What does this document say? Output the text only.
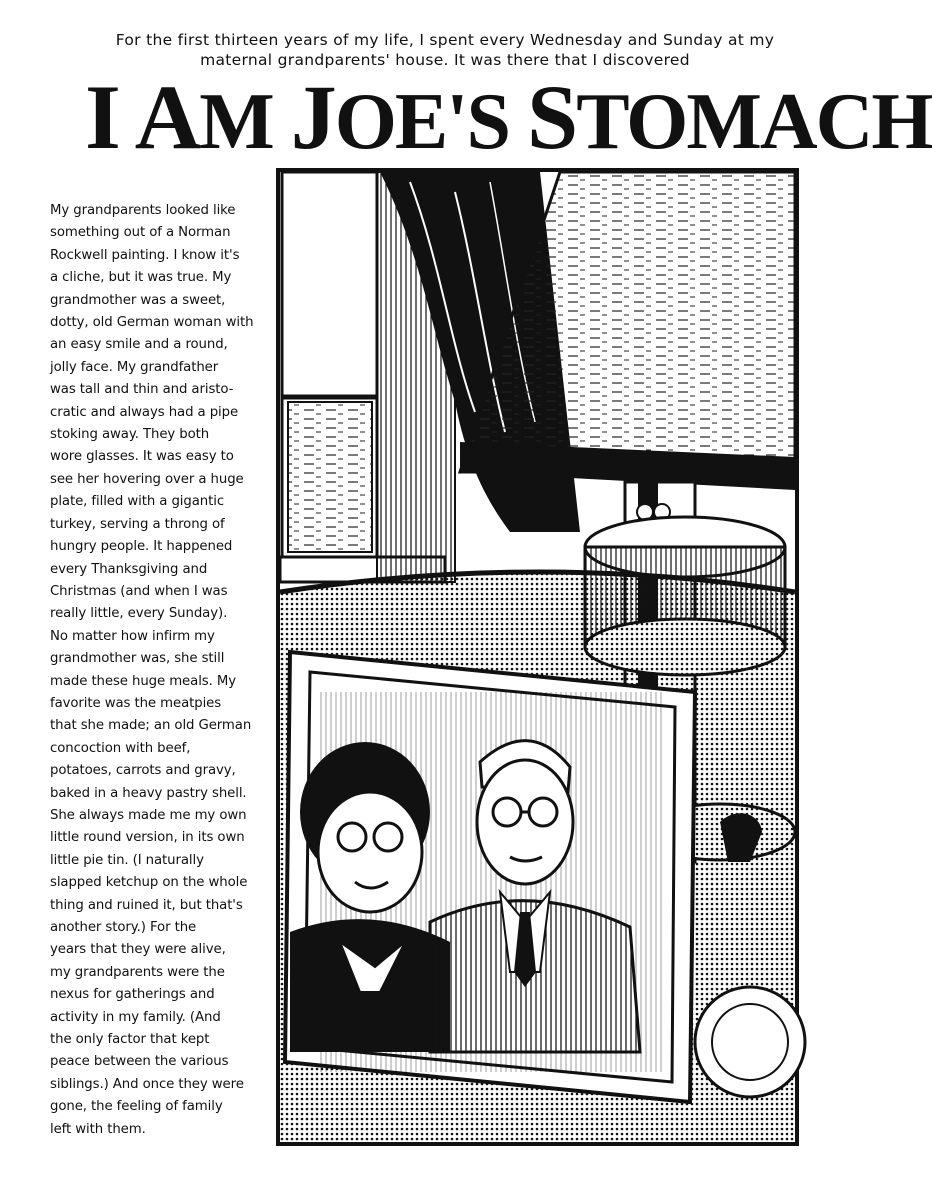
For the first thirteen years of my life, I spent every Wednesday and Sunday at my
maternal grandparents' house. It was there that I discovered
I AM JOE'S STOMACH
My grandparents looked like
something out of a Norman
Rockwell painting. I know it's
a cliche, but it was true. My
grandmother was a sweet,
dotty, old German woman with
an easy smile and a round,
jolly face. My grandfather
was tall and thin and aristo-
cratic and always had a pipe
stoking away. They both
wore glasses. It was easy to
see her hovering over a huge
plate, filled with a gigantic
turkey, serving a throng of
hungry people. It happened
every Thanksgiving and
Christmas (and when I was
really little, every Sunday).
No matter how infirm my
grandmother was, she still
made these huge meals. My
favorite was the meatpies
that she made; an old German
concoction with beef,
potatoes, carrots and gravy,
baked in a heavy pastry shell.
She always made me my own
little round version, in its own
little pie tin. (I naturally
slapped ketchup on the whole
thing and ruined it, but that's
another story.) For the
years that they were alive,
my grandparents were the
nexus for gatherings and
activity in my family. (And
the only factor that kept
peace between the various
siblings.) And once they were
gone, the feeling of family
left with them.
